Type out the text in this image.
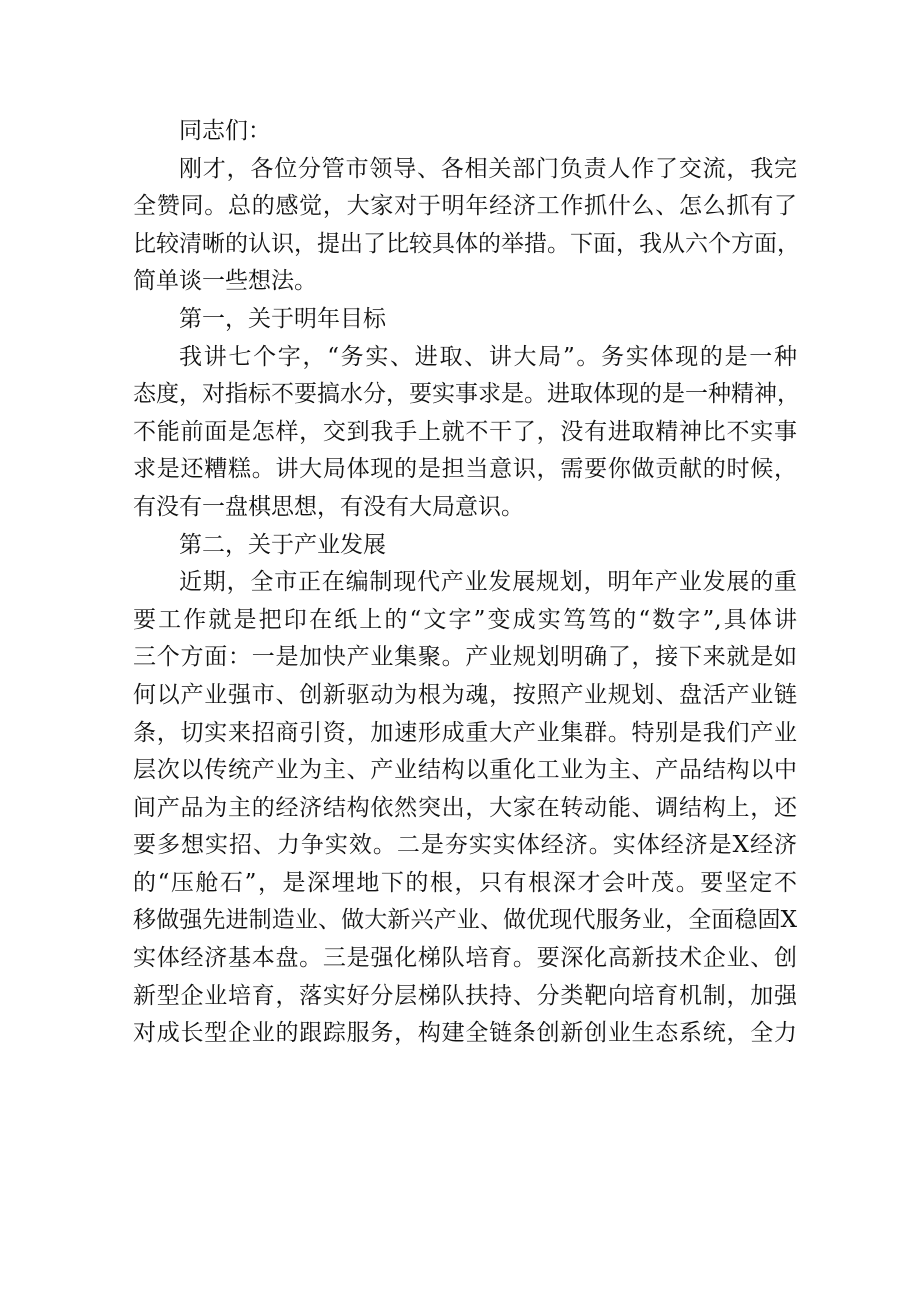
同志们：
刚才，各位分管市领导、各相关部门负责人作了交流，我完
全赞同。总的感觉，大家对于明年经济工作抓什么、怎么抓有了
比较清晰的认识，提出了比较具体的举措。下面，我从六个方面，
简单谈一些想法。
第一，关于明年目标
我讲七个字，“务实、进取、讲大局”。务实体现的是一种
态度，对指标不要搞水分，要实事求是。进取体现的是一种精神，
不能前面是怎样，交到我手上就不干了，没有进取精神比不实事
求是还糟糕。讲大局体现的是担当意识，需要你做贡献的时候，
有没有一盘棋思想，有没有大局意识。
第二，关于产业发展
近期，全市正在编制现代产业发展规划，明年产业发展的重
要工作就是把印在纸上的“文字”变成实笃笃的“数字”,具体讲
三个方面：一是加快产业集聚。产业规划明确了，接下来就是如
何以产业强市、创新驱动为根为魂，按照产业规划、盘活产业链
条，切实来招商引资，加速形成重大产业集群。特别是我们产业
层次以传统产业为主、产业结构以重化工业为主、产品结构以中
间产品为主的经济结构依然突出，大家在转动能、调结构上，还
要多想实招、力争实效。二是夯实实体经济。实体经济是X经济
的“压舱石”，是深埋地下的根，只有根深才会叶茂。要坚定不
移做强先进制造业、做大新兴产业、做优现代服务业，全面稳固X
实体经济基本盘。三是强化梯队培育。要深化高新技术企业、创
新型企业培育，落实好分层梯队扶持、分类靶向培育机制，加强
对成长型企业的跟踪服务，构建全链条创新创业生态系统，全力
